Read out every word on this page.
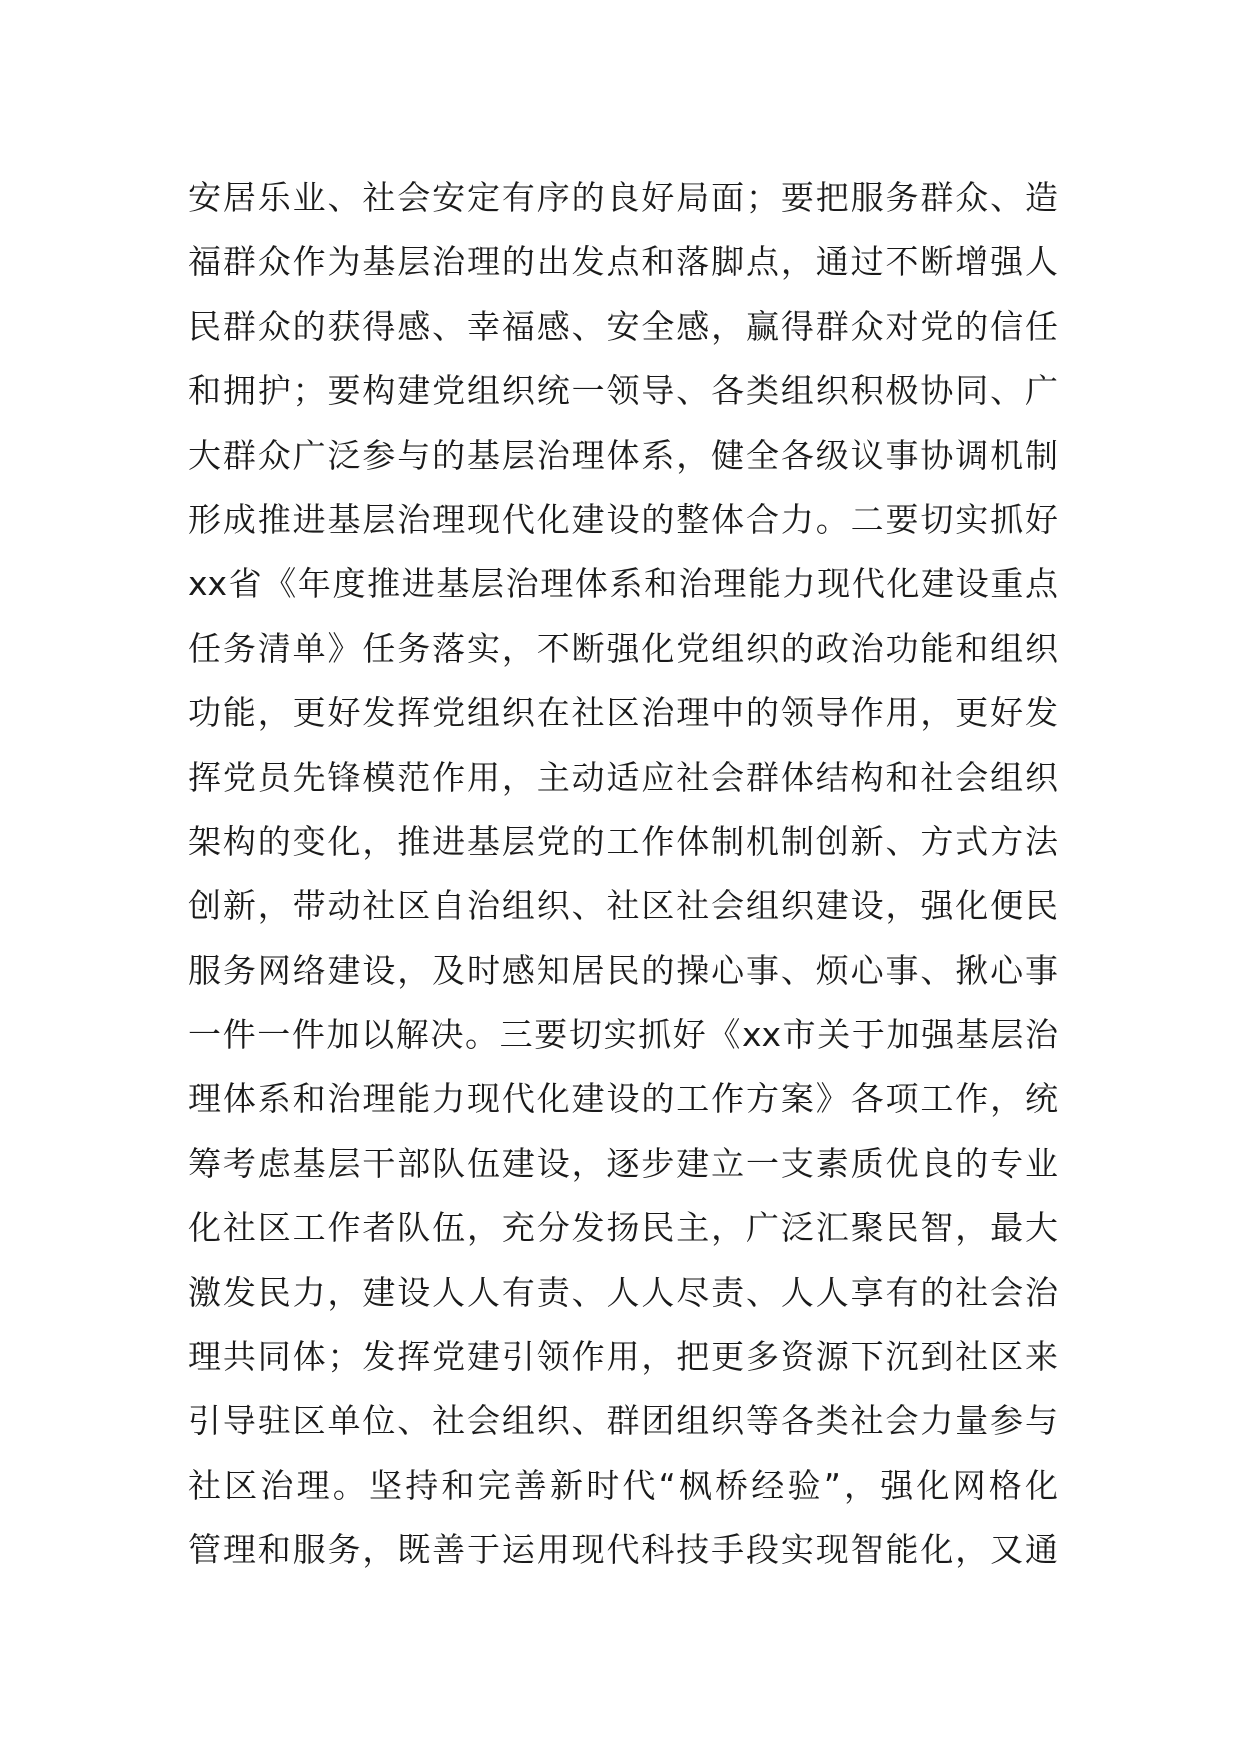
安居乐业、社会安定有序的良好局面；要把服务群众、造
福群众作为基层治理的出发点和落脚点，通过不断增强人
民群众的获得感、幸福感、安全感，赢得群众对党的信任
和拥护；要构建党组织统一领导、各类组织积极协同、广
大群众广泛参与的基层治理体系，健全各级议事协调机制
形成推进基层治理现代化建设的整体合力。二要切实抓好
xx省《年度推进基层治理体系和治理能力现代化建设重点
任务清单》任务落实，不断强化党组织的政治功能和组织
功能，更好发挥党组织在社区治理中的领导作用，更好发
挥党员先锋模范作用，主动适应社会群体结构和社会组织
架构的变化，推进基层党的工作体制机制创新、方式方法
创新，带动社区自治组织、社区社会组织建设，强化便民
服务网络建设，及时感知居民的操心事、烦心事、揪心事
一件一件加以解决。三要切实抓好《xx市关于加强基层治
理体系和治理能力现代化建设的工作方案》各项工作，统
筹考虑基层干部队伍建设，逐步建立一支素质优良的专业
化社区工作者队伍，充分发扬民主，广泛汇聚民智，最大
激发民力，建设人人有责、人人尽责、人人享有的社会治
理共同体；发挥党建引领作用，把更多资源下沉到社区来
引导驻区单位、社会组织、群团组织等各类社会力量参与
社区治理。坚持和完善新时代“枫桥经验”，强化网格化
管理和服务，既善于运用现代科技手段实现智能化，又通
